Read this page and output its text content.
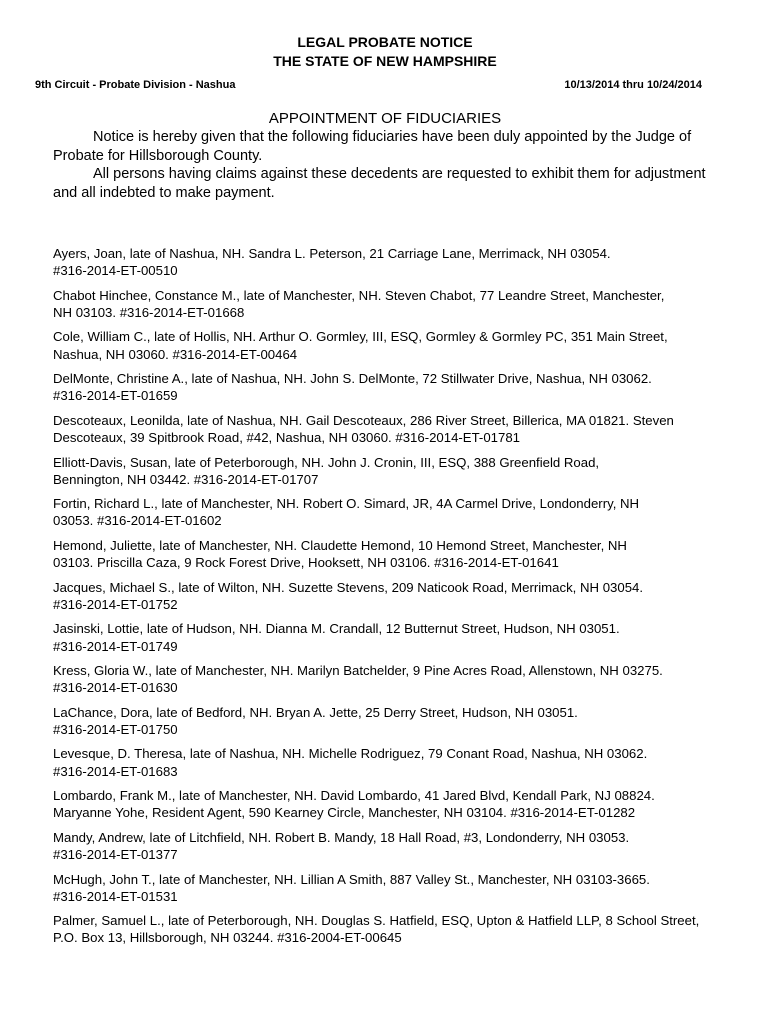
LEGAL PROBATE NOTICE
THE STATE OF NEW HAMPSHIRE
9th Circuit - Probate Division - Nashua	10/13/2014 thru 10/24/2014
APPOINTMENT OF FIDUCIARIES

Notice is hereby given that the following fiduciaries have been duly appointed by the Judge of Probate for Hillsborough County.

All persons having claims against these decedents are requested to exhibit them for adjustment and all indebted to make payment.

Ayers, Joan, late of Nashua, NH. Sandra L. Peterson, 21 Carriage Lane, Merrimack, NH 03054.
#316-2014-ET-00510

Chabot Hinchee, Constance M., late of Manchester, NH. Steven Chabot, 77 Leandre Street, Manchester,
NH 03103. #316-2014-ET-01668

Cole, William C., late of Hollis, NH. Arthur O. Gormley, III, ESQ, Gormley & Gormley PC, 351 Main Street,
Nashua, NH 03060. #316-2014-ET-00464

DelMonte, Christine A., late of Nashua, NH. John S. DelMonte, 72 Stillwater Drive, Nashua, NH 03062.
#316-2014-ET-01659

Descoteaux, Leonilda, late of Nashua, NH. Gail Descoteaux, 286 River Street, Billerica, MA 01821. Steven
Descoteaux, 39 Spitbrook Road, #42, Nashua, NH 03060. #316-2014-ET-01781

Elliott-Davis, Susan, late of Peterborough, NH. John J. Cronin, III, ESQ, 388 Greenfield Road,
Bennington, NH 03442. #316-2014-ET-01707

Fortin, Richard L., late of Manchester, NH. Robert O. Simard, JR, 4A Carmel Drive, Londonderry, NH
03053. #316-2014-ET-01602

Hemond, Juliette, late of Manchester, NH. Claudette Hemond, 10 Hemond Street, Manchester, NH
03103. Priscilla Caza, 9 Rock Forest Drive, Hooksett, NH 03106. #316-2014-ET-01641

Jacques, Michael S., late of Wilton, NH. Suzette Stevens, 209 Naticook Road, Merrimack, NH 03054.
#316-2014-ET-01752

Jasinski, Lottie, late of Hudson, NH. Dianna M. Crandall, 12 Butternut Street, Hudson, NH 03051.
#316-2014-ET-01749

Kress, Gloria W., late of Manchester, NH. Marilyn Batchelder, 9 Pine Acres Road, Allenstown, NH 03275.
#316-2014-ET-01630

LaChance, Dora, late of Bedford, NH. Bryan A. Jette, 25 Derry Street, Hudson, NH 03051.
#316-2014-ET-01750

Levesque, D. Theresa, late of Nashua, NH. Michelle Rodriguez, 79 Conant Road, Nashua, NH 03062.
#316-2014-ET-01683

Lombardo, Frank M., late of Manchester, NH. David Lombardo, 41 Jared Blvd, Kendall Park, NJ 08824.
Maryanne Yohe, Resident Agent, 590 Kearney Circle, Manchester, NH 03104. #316-2014-ET-01282

Mandy, Andrew, late of Litchfield, NH. Robert B. Mandy, 18 Hall Road, #3, Londonderry, NH 03053.
#316-2014-ET-01377

McHugh, John T., late of Manchester, NH. Lillian A Smith, 887 Valley St., Manchester, NH 03103-3665.
#316-2014-ET-01531

Palmer, Samuel L., late of Peterborough, NH. Douglas S. Hatfield, ESQ, Upton & Hatfield LLP, 8 School Street,
P.O. Box 13, Hillsborough, NH 03244. #316-2004-ET-00645
